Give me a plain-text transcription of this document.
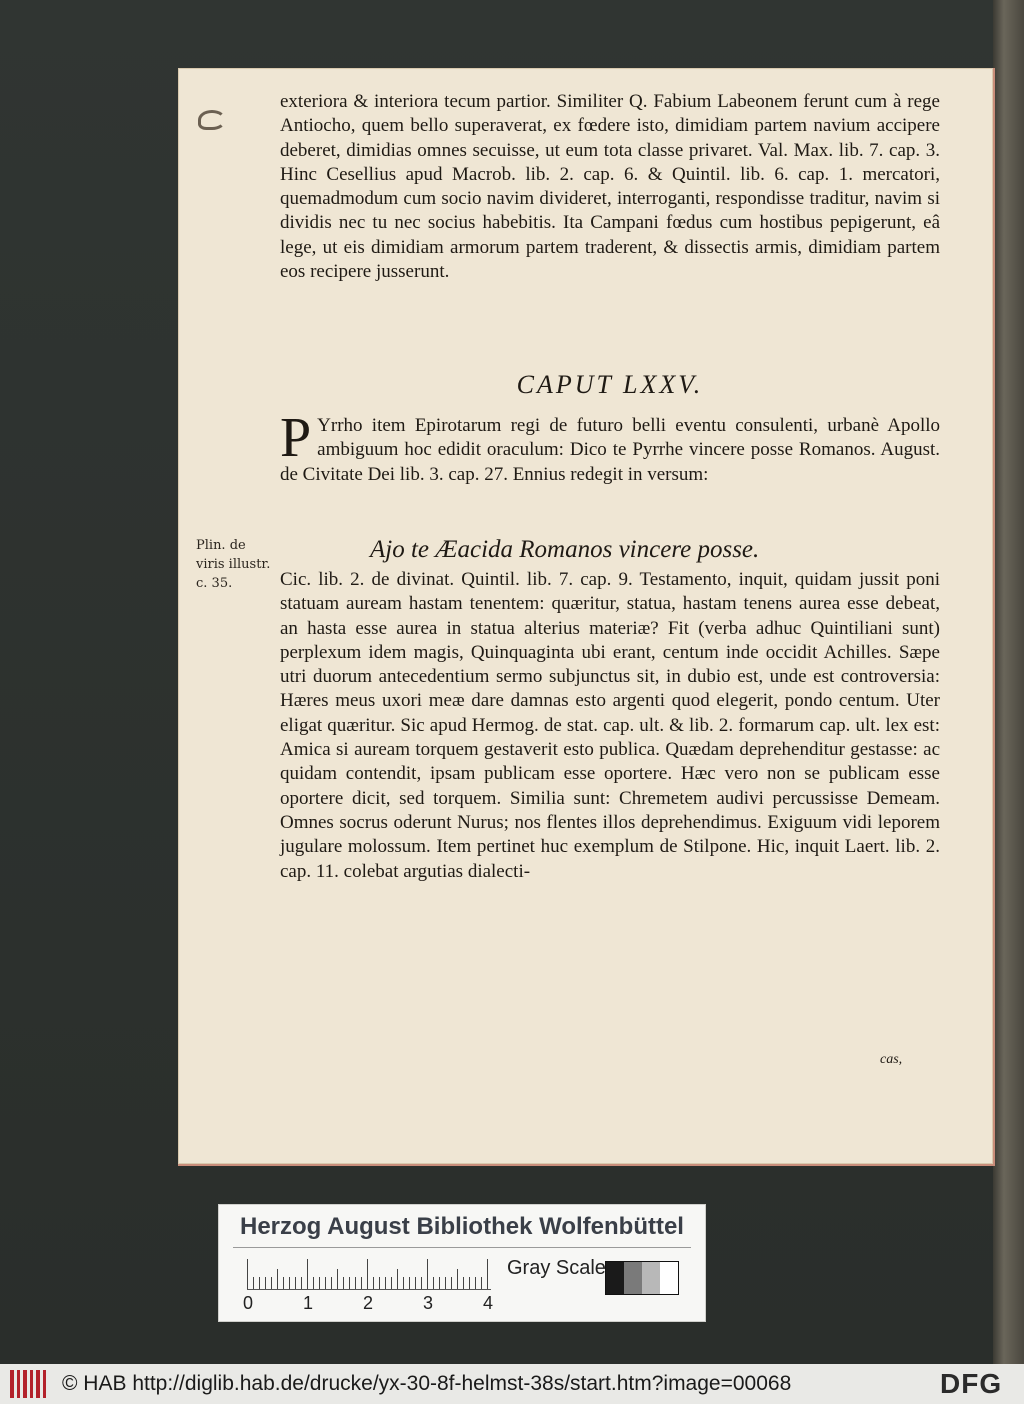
exteriora & interiora tecum partior. Similiter Q. Fabium Labeonem ferunt cum à rege Antiocho, quem bello superaverat, ex fœdere isto, dimidiam partem navium accipere deberet, dimidias omnes secuisse, ut eum tota classe privaret. Val. Max. lib. 7. cap. 3. Hinc Cesellius apud Macrob. lib. 2. cap. 6. & Quintil. lib. 6. cap. 1. mercatori, quemadmodum cum socio navim divideret, interroganti, respondisse traditur, navim si dividis nec tu nec socius habebitis. Ita Campani fœdus cum hostibus pepigerunt, eâ lege, ut eis dimidiam armorum partem traderent, & dissectis armis, dimidiam partem eos recipere jusserunt.

CAPUT LXXV.
P Yrrho item Epirotarum regi de futuro belli eventu consulenti, urbanè Apollo ambiguum hoc edidit oraculum: Dico te Pyrrhe vincere posse Romanos. August. de Civitate Dei lib. 3. cap. 27. Ennius redegit in versum:

Plin. de viris illustr. c. 35.
Ajo te Æacida Romanos vincere posse.

Cic. lib. 2. de divinat. Quintil. lib. 7. cap. 9. Testamento, inquit, quidam jussit poni statuam auream hastam tenentem: quæritur, statua, hastam tenens aurea esse debeat, an hasta esse aurea in statua alterius materiæ? Fit (verba adhuc Quintiliani sunt) perplexum idem magis, Quinquaginta ubi erant, centum inde occidit Achilles. Sæpe utri duorum antecedentium sermo subjunctus sit, in dubio est, unde est controversia: Hæres meus uxori meæ dare damnas esto argenti quod elegerit, pondo centum. Uter eligat quæritur. Sic apud Hermog. de stat. cap. ult. & lib. 2. formarum cap. ult. lex est: Amica si auream torquem gestaverit esto publica. Quædam deprehenditur gestasse: ac quidam contendit, ipsam publicam esse oportere. Hæc vero non se publicam esse oportere dicit, sed torquem. Similia sunt: Chremetem audivi percussisse Demeam. Omnes socrus oderunt Nurus; nos flentes illos deprehendimus. Exiguum vidi leporem jugulare molossum. Item pertinet huc exemplum de Stilpone. Hic, inquit Laert. lib. 2. cap. 11. colebat argutias dialecti-

cas,
Herzog August Bibliothek Wolfenbüttel
0	1	2	3	4
Gray Scale
© HAB http://diglib.hab.de/drucke/yx-30-8f-helmst-38s/start.htm?image=00068	DFG
